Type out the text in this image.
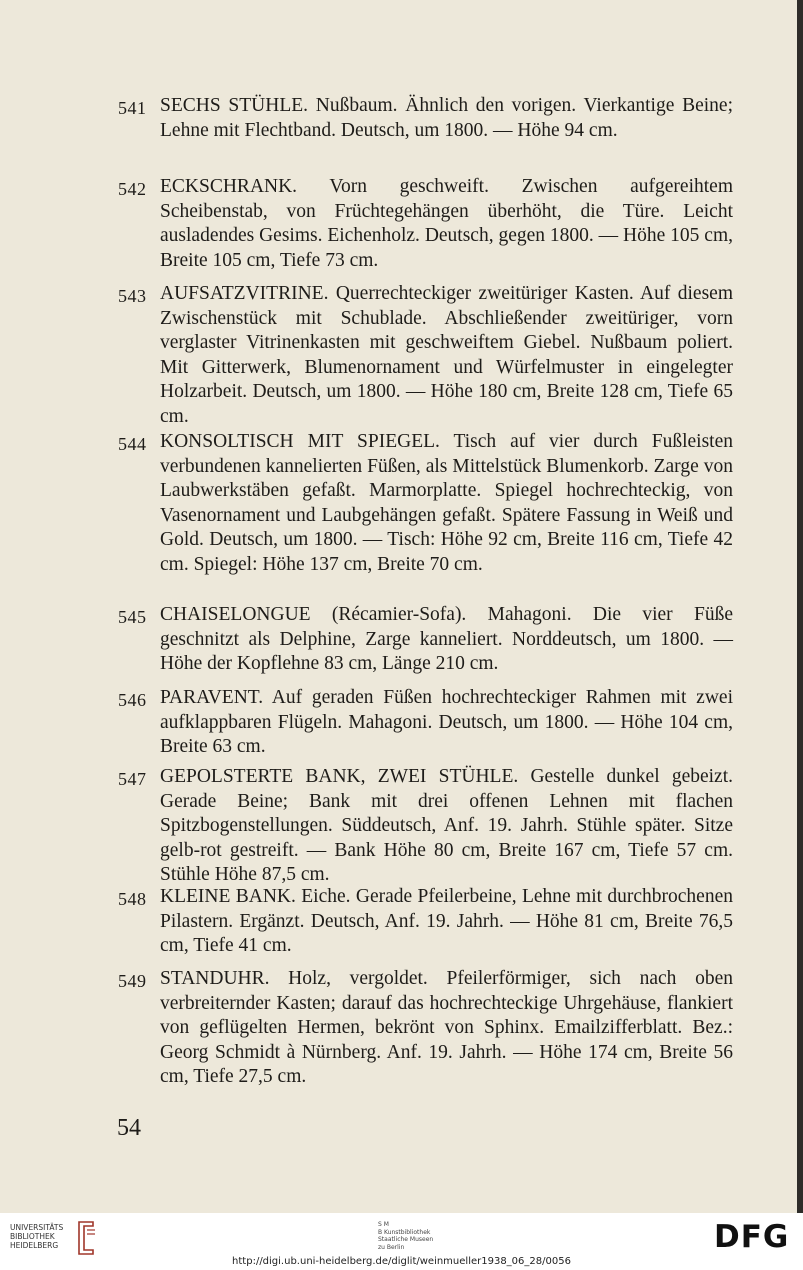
541 SECHS STÜHLE. Nußbaum. Ähnlich den vorigen. Vierkantige Beine; Lehne mit Flechtband. Deutsch, um 1800. — Höhe 94 cm.
542 ECKSCHRANK. Vorn geschweift. Zwischen aufgereihtem Scheibenstab, von Früchtegehängen überhöht, die Türe. Leicht ausladendes Gesims. Eichenholz. Deutsch, gegen 1800. — Höhe 105 cm, Breite 105 cm, Tiefe 73 cm.
543 AUFSATZVITRINE. Querrechteckiger zweitüriger Kasten. Auf diesem Zwischenstück mit Schublade. Abschließender zweitüriger, vorn verglaster Vitrinenkasten mit geschweiftem Giebel. Nußbaum poliert. Mit Gitterwerk, Blumenornament und Würfelmuster in eingelegter Holzarbeit. Deutsch, um 1800. — Höhe 180 cm, Breite 128 cm, Tiefe 65 cm.
544 KONSOLTISCH MIT SPIEGEL. Tisch auf vier durch Fußleisten verbundenen kannelierten Füßen, als Mittelstück Blumenkorb. Zarge von Laubwerkstäben gefaßt. Marmorplatte. Spiegel hochrechteckig, von Vasenornament und Laubgehängen gefaßt. Spätere Fassung in Weiß und Gold. Deutsch, um 1800. — Tisch: Höhe 92 cm, Breite 116 cm, Tiefe 42 cm. Spiegel: Höhe 137 cm, Breite 70 cm.
545 CHAISELONGUE (Récamier-Sofa). Mahagoni. Die vier Füße geschnitzt als Delphine, Zarge kanneliert. Norddeutsch, um 1800. — Höhe der Kopflehne 83 cm, Länge 210 cm.
546 PARAVENT. Auf geraden Füßen hochrechteckiger Rahmen mit zwei aufklappbaren Flügeln. Mahagoni. Deutsch, um 1800. — Höhe 104 cm, Breite 63 cm.
547 GEPOLSTERTE BANK, ZWEI STÜHLE. Gestelle dunkel gebeizt. Gerade Beine; Bank mit drei offenen Lehnen mit flachen Spitzbogenstellungen. Süddeutsch, Anf. 19. Jahrh. Stühle später. Sitze gelb-rot gestreift. — Bank Höhe 80 cm, Breite 167 cm, Tiefe 57 cm. Stühle Höhe 87,5 cm.
548 KLEINE BANK. Eiche. Gerade Pfeilerbeine, Lehne mit durchbrochenen Pilastern. Ergänzt. Deutsch, Anf. 19. Jahrh. — Höhe 81 cm, Breite 76,5 cm, Tiefe 41 cm.
549 STANDUHR. Holz, vergoldet. Pfeilerförmiger, sich nach oben verbreiternder Kasten; darauf das hochrechteckige Uhrgehäuse, flankiert von geflügelten Hermen, bekrönt von Sphinx. Emailzifferblatt. Bez.: Georg Schmidt à Nürnberg. Anf. 19. Jahrh. — Höhe 174 cm, Breite 56 cm, Tiefe 27,5 cm.
54
UNIVERSITÄTS
BIBLIOTHEK
HEIDELBERG
S M
B Kunstbibliothek
Staatliche Museen
zu Berlin	DFG
http://digi.ub.uni-heidelberg.de/diglit/weinmueller1938_06_28/0056
